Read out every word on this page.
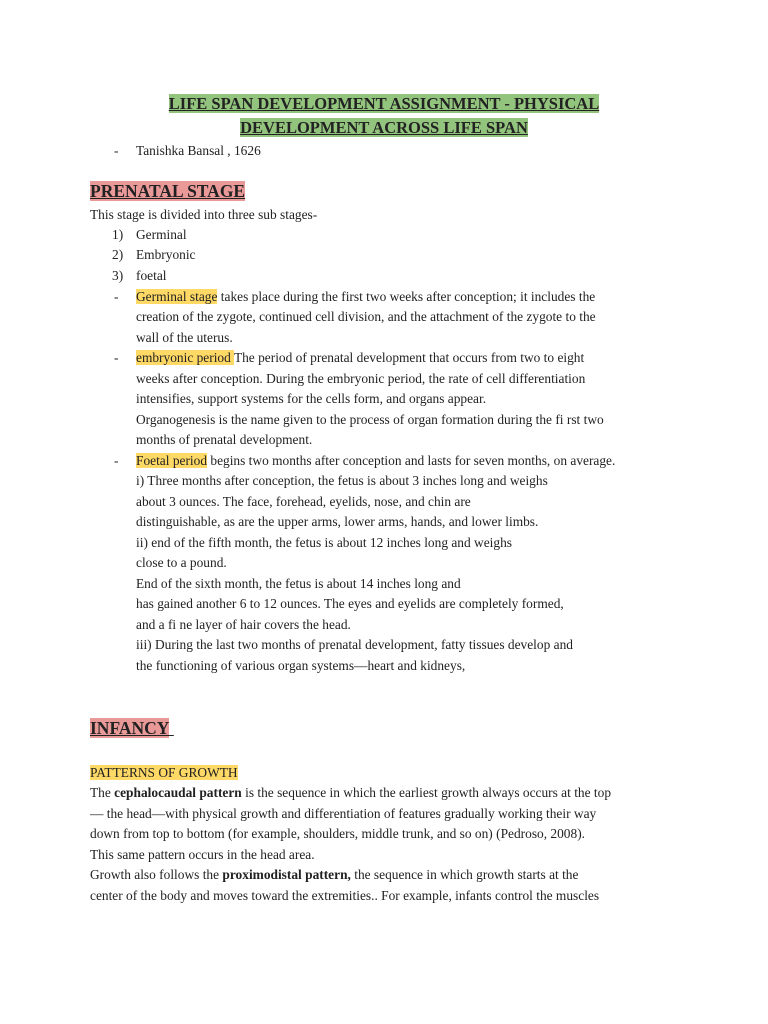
LIFE SPAN DEVELOPMENT ASSIGNMENT - PHYSICAL
DEVELOPMENT ACROSS LIFE SPAN
- Tanishka Bansal , 1626
PRENATAL STAGE
This stage is divided into three sub stages-
1) Germinal
2) Embryonic
3) foetal
- Germinal stage takes place during the first two weeks after conception; it includes the
creation of the zygote, continued cell division, and the attachment of the zygote to the
wall of the uterus.
- embryonic period The period of prenatal development that occurs from two to eight
weeks after conception. During the embryonic period, the rate of cell differentiation
intensifies, support systems for the cells form, and organs appear.
Organogenesis is the name given to the process of organ formation during the fi rst two
months of prenatal development.
- Foetal period begins two months after conception and lasts for seven months, on average.
i) Three months after conception, the fetus is about 3 inches long and weighs
about 3 ounces. The face, forehead, eyelids, nose, and chin are
distinguishable, as are the upper arms, lower arms, hands, and lower limbs.
ii) end of the fifth month, the fetus is about 12 inches long and weighs
close to a pound.
End of the sixth month, the fetus is about 14 inches long and
has gained another 6 to 12 ounces. The eyes and eyelids are completely formed,
and a fi ne layer of hair covers the head.
iii) During the last two months of prenatal development, fatty tissues develop and
the functioning of various organ systems—heart and kidneys,
INFANCY
PATTERNS OF GROWTH
The cephalocaudal pattern is the sequence in which the earliest growth always occurs at the top
— the head—with physical growth and differentiation of features gradually working their way
down from top to bottom (for example, shoulders, middle trunk, and so on) (Pedroso, 2008).
This same pattern occurs in the head area.
Growth also follows the proximodistal pattern, the sequence in which growth starts at the
center of the body and moves toward the extremities.. For example, infants control the muscles
